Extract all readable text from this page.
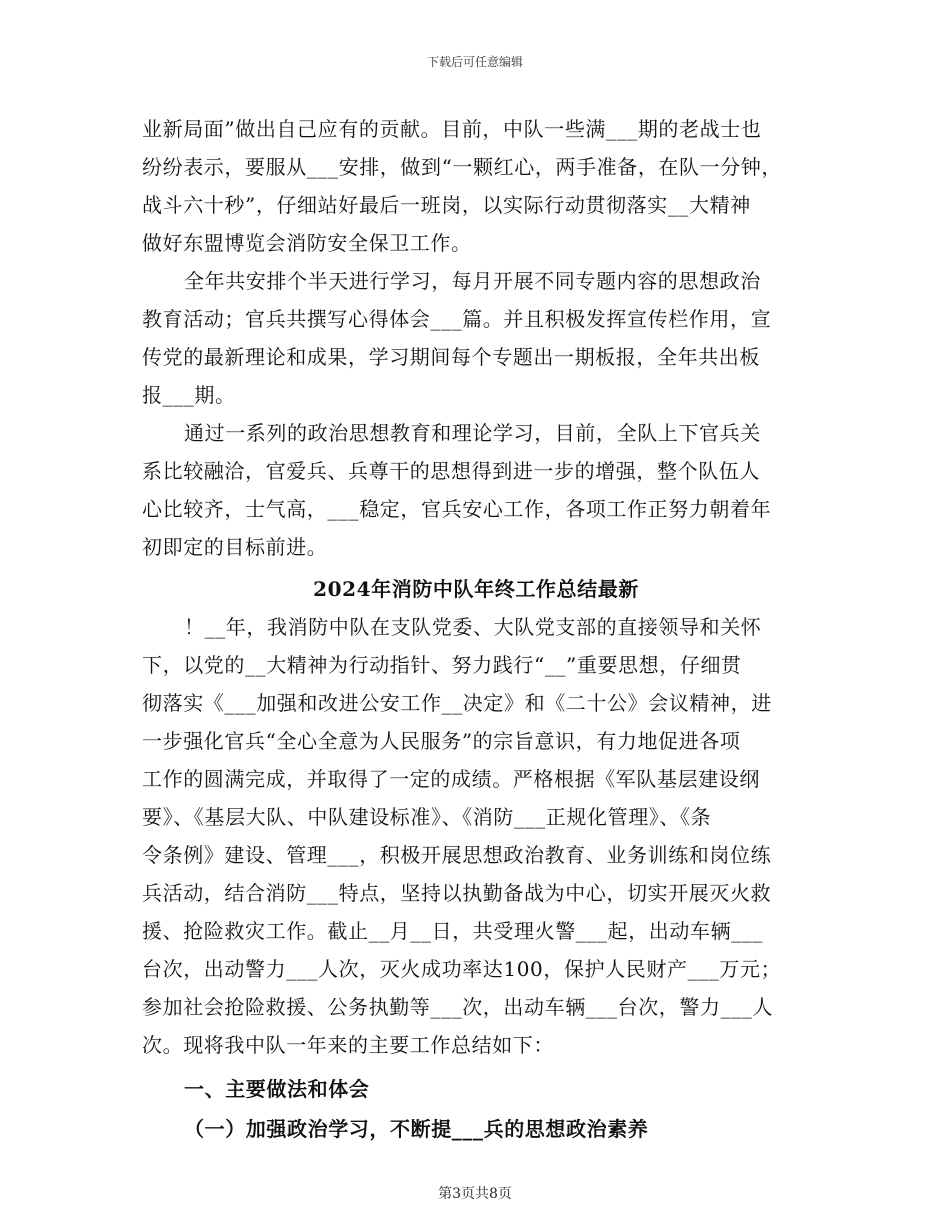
下载后可任意编辑
业新局面”做出自己应有的贡献。目前，中队一些满___期的老战士也
纷纷表示，要服从___安排，做到“一颗红心，两手准备，在队一分钟，
战斗六十秒”，仔细站好最后一班岗，以实际行动贯彻落实__大精神
做好东盟博览会消防安全保卫工作。
全年共安排个半天进行学习，每月开展不同专题内容的思想政治
教育活动；官兵共撰写心得体会___篇。并且积极发挥宣传栏作用，宣
传党的最新理论和成果，学习期间每个专题出一期板报，全年共出板
报___期。
通过一系列的政治思想教育和理论学习，目前，全队上下官兵关
系比较融洽，官爱兵、兵尊干的思想得到进一步的增强，整个队伍人
心比较齐，士气高，___稳定，官兵安心工作，各项工作正努力朝着年
初即定的目标前进。
2024年消防中队年终工作总结最新
！__年，我消防中队在支队党委、大队党支部的直接领导和关怀
下，以党的__大精神为行动指针、努力践行“__”重要思想，仔细贯
彻落实《___加强和改进公安工作__决定》和《二十公》会议精神，进
一步强化官兵“全心全意为人民服务”的宗旨意识，有力地促进各项
工作的圆满完成，并取得了一定的成绩。严格根据《军队基层建设纲
要》、《基层大队、中队建设标准》、《消防___正规化管理》、《条
令条例》建设、管理___，积极开展思想政治教育、业务训练和岗位练
兵活动，结合消防___特点，坚持以执勤备战为中心，切实开展灭火救
援、抢险救灾工作。截止__月__日，共受理火警___起，出动车辆___
台次，出动警力___人次，灭火成功率达100，保护人民财产___万元；
参加社会抢险救援、公务执勤等___次，出动车辆___台次，警力___人
次。现将我中队一年来的主要工作总结如下：
一、主要做法和体会
（一）加强政治学习，不断提___兵的思想政治素养
第3页共8页
